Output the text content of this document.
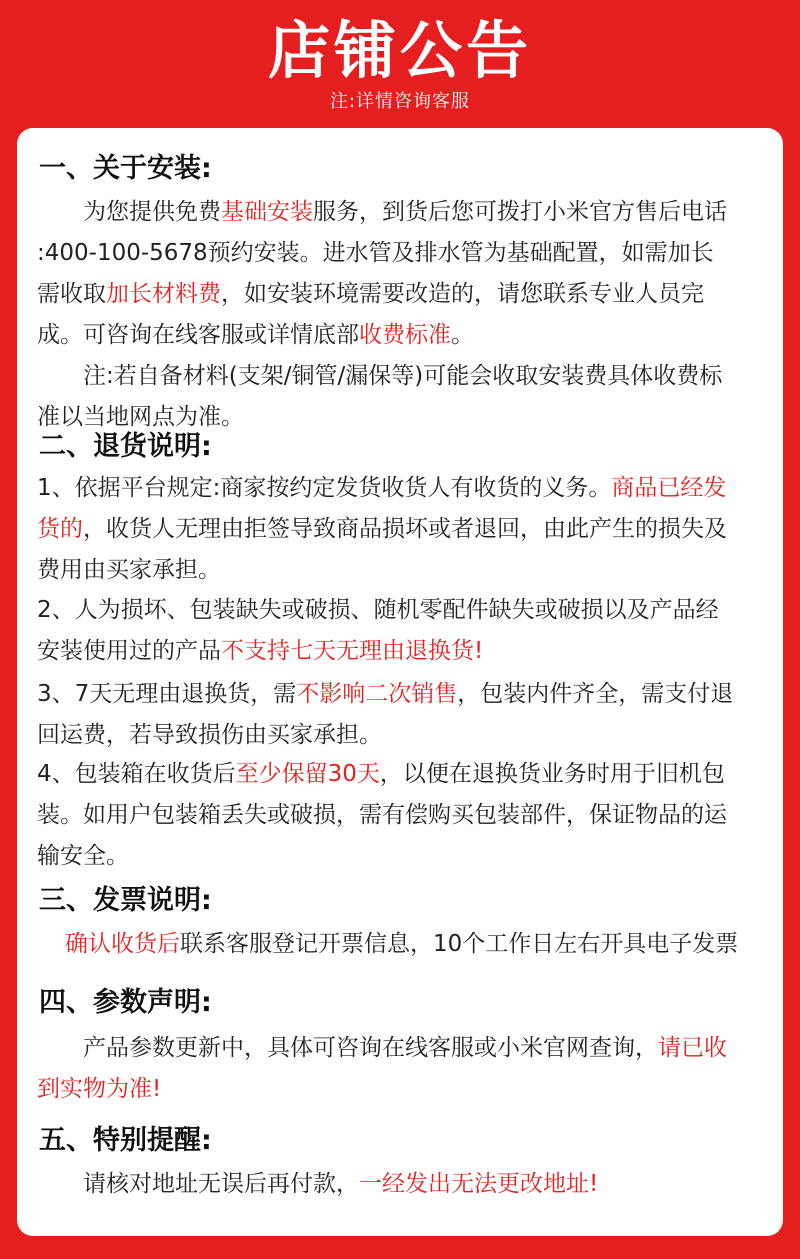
店铺公告
注:详情咨询客服
一、关于安装:
为您提供免费基础安装服务，到货后您可拨打小米官方售后电话
:400-100-5678预约安装。进水管及排水管为基础配置，如需加长
需收取加长材料费，如安装环境需要改造的，请您联系专业人员完
成。可咨询在线客服或详情底部收费标准。
注:若自备材料(支架/铜管/漏保等)可能会收取安装费具体收费标
准以当地网点为准。
二、退货说明:
1、依据平台规定:商家按约定发货收货人有收货的义务。商品已经发
货的，收货人无理由拒签导致商品损坏或者退回，由此产生的损失及
费用由买家承担。
2、人为损坏、包装缺失或破损、随机零配件缺失或破损以及产品经
安装使用过的产品不支持七天无理由退换货!
3、7天无理由退换货，需不影响二次销售，包装内件齐全，需支付退
回运费，若导致损伤由买家承担。
4、包装箱在收货后至少保留30天，以便在退换货业务时用于旧机包
装。如用户包装箱丢失或破损，需有偿购买包装部件，保证物品的运
输安全。
三、发票说明:
确认收货后联系客服登记开票信息，10个工作日左右开具电子发票
四、参数声明:
产品参数更新中，具体可咨询在线客服或小米官网查询，请已收
到实物为准!
五、特别提醒:
请核对地址无误后再付款，一经发出无法更改地址!
